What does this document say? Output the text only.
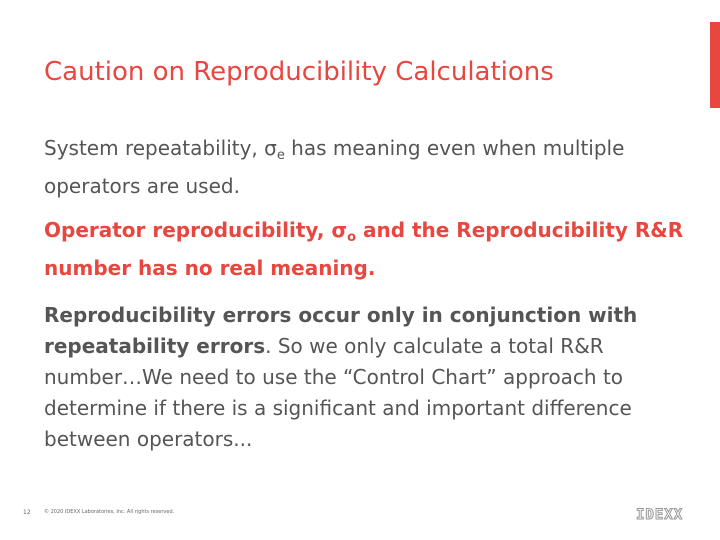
Caution on Reproducibility Calculations
System repeatability, $\sigma_e$ has meaning even when multiple operators are used.
Operator reproducibility, $\sigma_o$ and the Reproducibility R&R number has no real meaning.
Reproducibility errors occur only in conjunction with repeatability errors. So we only calculate a total R&R number…We need to use the “Control Chart” approach to determine if there is a significant and important difference between operators...
12	© 2020 IDEXX Laboratories, Inc. All rights reserved.	IDEXX
